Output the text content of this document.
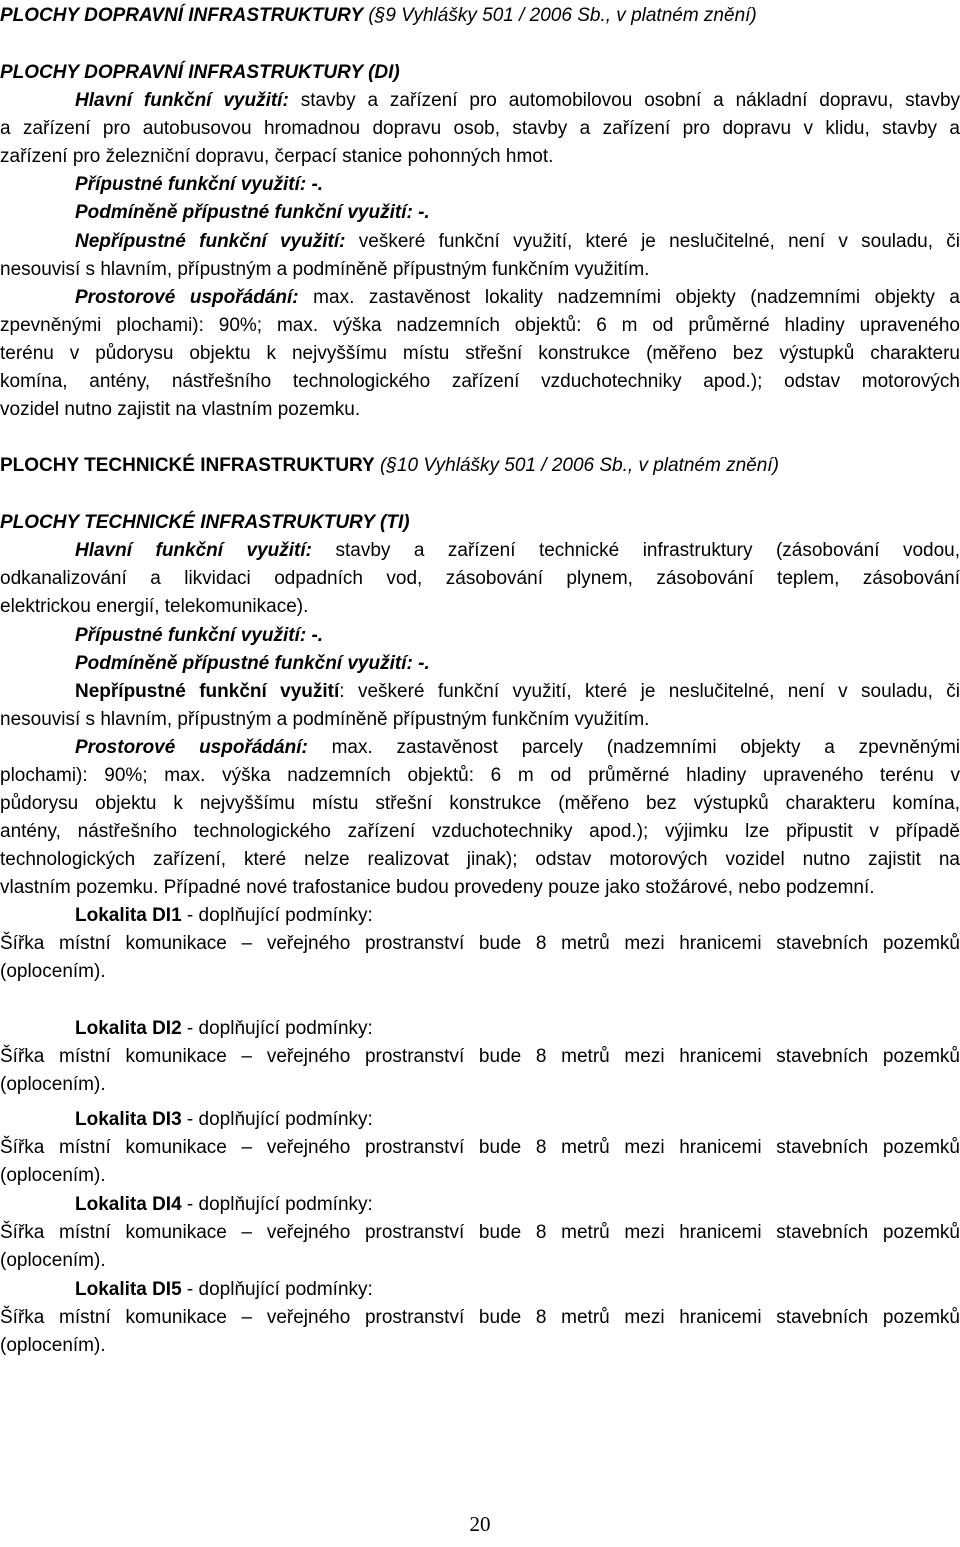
PLOCHY DOPRAVNÍ INFRASTRUKTURY (§9 Vyhlášky 501 / 2006 Sb., v platném znění)
PLOCHY DOPRAVNÍ INFRASTRUKTURY (DI)
Hlavní funkční využití: stavby a zařízení pro automobilovou osobní a nákladní dopravu, stavby
a zařízení pro autobusovou hromadnou dopravu osob, stavby a zařízení pro dopravu v klidu, stavby a
zařízení pro železniční dopravu, čerpací stanice pohonných hmot.
Přípustné funkční využití: -.
Podmíněně přípustné funkční využití: -.
Nepřípustné funkční využití: veškeré funkční využití, které je neslučitelné, není v souladu, či
nesouvisí s hlavním, přípustným a podmíněně přípustným funkčním využitím.
Prostorové uspořádání: max. zastavěnost lokality nadzemními objekty (nadzemními objekty a
zpevněnými plochami): 90%; max. výška nadzemních objektů: 6 m od průměrné hladiny upraveného
terénu v půdorysu objektu k nejvyššímu místu střešní konstrukce (měřeno bez výstupků charakteru
komína, antény, nástřešního technologického zařízení vzduchotechniky apod.); odstav motorových
vozidel nutno zajistit na vlastním pozemku.
PLOCHY TECHNICKÉ INFRASTRUKTURY (§10 Vyhlášky 501 / 2006 Sb., v platném znění)
PLOCHY TECHNICKÉ INFRASTRUKTURY (TI)
Hlavní funkční využití: stavby a zařízení technické infrastruktury (zásobování vodou,
odkanalizování a likvidaci odpadních vod, zásobování plynem, zásobování teplem, zásobování
elektrickou energií, telekomunikace).
Přípustné funkční využití: -.
Podmíněně přípustné funkční využití: -.
Nepřípustné funkční využití: veškeré funkční využití, které je neslučitelné, není v souladu, či
nesouvisí s hlavním, přípustným a podmíněně přípustným funkčním využitím.
Prostorové uspořádání: max. zastavěnost parcely (nadzemními objekty a zpevněnými
plochami): 90%; max. výška nadzemních objektů: 6 m od průměrné hladiny upraveného terénu v
půdorysu objektu k nejvyššímu místu střešní konstrukce (měřeno bez výstupků charakteru komína,
antény, nástřešního technologického zařízení vzduchotechniky apod.); výjimku lze připustit v případě
technologických zařízení, které nelze realizovat jinak); odstav motorových vozidel nutno zajistit na
vlastním pozemku. Případné nové trafostanice budou provedeny pouze jako stožárové, nebo podzemní.
Lokalita DI1 - doplňující podmínky:
Šířka místní komunikace – veřejného prostranství bude 8 metrů mezi hranicemi stavebních pozemků
(oplocením).
Lokalita DI2 - doplňující podmínky:
Šířka místní komunikace – veřejného prostranství bude 8 metrů mezi hranicemi stavebních pozemků
(oplocením).
Lokalita DI3 - doplňující podmínky:
Šířka místní komunikace – veřejného prostranství bude 8 metrů mezi hranicemi stavebních pozemků
(oplocením).
Lokalita DI4 - doplňující podmínky:
Šířka místní komunikace – veřejného prostranství bude 8 metrů mezi hranicemi stavebních pozemků
(oplocením).
Lokalita DI5 - doplňující podmínky:
Šířka místní komunikace – veřejného prostranství bude 8 metrů mezi hranicemi stavebních pozemků
(oplocením).
20
